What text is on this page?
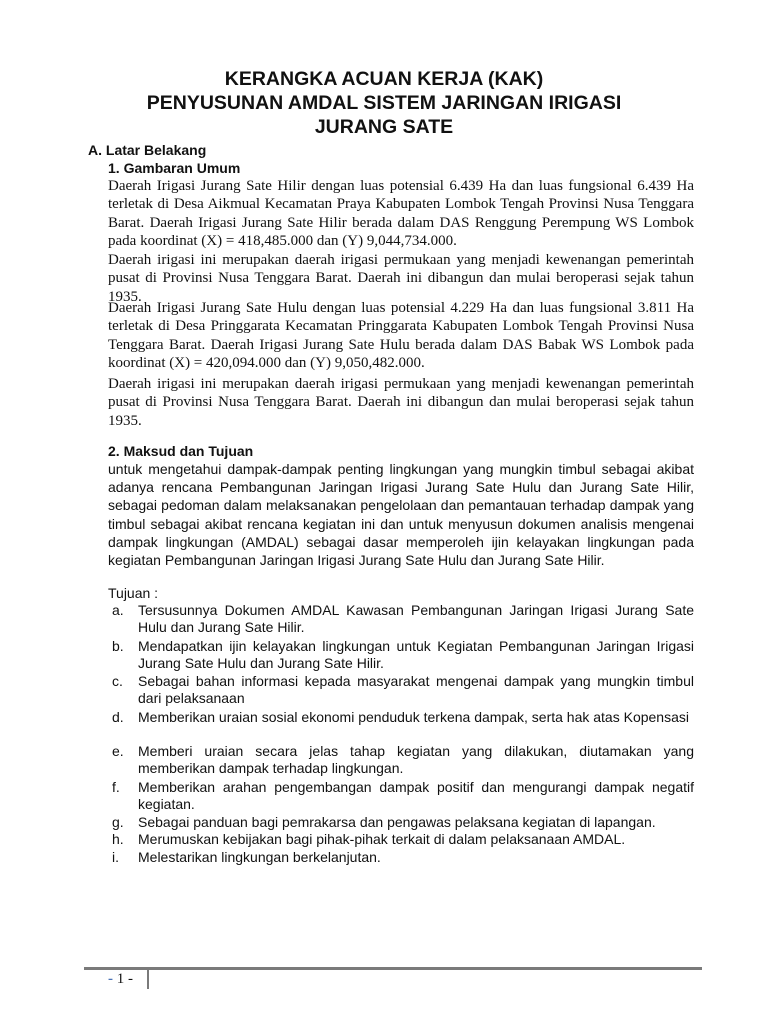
KERANGKA ACUAN KERJA (KAK)
PENYUSUNAN AMDAL SISTEM JARINGAN IRIGASI
JURANG SATE
A. Latar Belakang
1. Gambaran Umum

Daerah Irigasi Jurang Sate Hilir dengan luas potensial 6.439 Ha dan luas fungsional 6.439 Ha terletak di Desa Aikmual Kecamatan Praya Kabupaten Lombok Tengah Provinsi Nusa Tenggara Barat. Daerah Irigasi Jurang Sate Hilir berada dalam DAS Renggung Perempung WS Lombok pada koordinat (X) = 418,485.000 dan (Y) 9,044,734.000.

Daerah irigasi ini merupakan daerah irigasi permukaan yang menjadi kewenangan pemerintah pusat di Provinsi Nusa Tenggara Barat. Daerah ini dibangun dan mulai beroperasi sejak tahun 1935.

Daerah Irigasi Jurang Sate Hulu dengan luas potensial 4.229 Ha dan luas fungsional 3.811 Ha terletak di Desa Pringgarata Kecamatan Pringgarata Kabupaten Lombok Tengah Provinsi Nusa Tenggara Barat. Daerah Irigasi Jurang Sate Hulu berada dalam DAS Babak WS Lombok pada koordinat (X) = 420,094.000 dan (Y) 9,050,482.000.

Daerah irigasi ini merupakan daerah irigasi permukaan yang menjadi kewenangan pemerintah pusat di Provinsi Nusa Tenggara Barat. Daerah ini dibangun dan mulai beroperasi sejak tahun 1935.

2. Maksud dan Tujuan

untuk mengetahui dampak-dampak penting lingkungan yang mungkin timbul sebagai akibat adanya rencana Pembangunan Jaringan Irigasi Jurang Sate Hulu dan Jurang Sate Hilir, sebagai pedoman dalam melaksanakan pengelolaan dan pemantauan terhadap dampak yang timbul sebagai akibat rencana kegiatan ini dan untuk menyusun dokumen analisis mengenai dampak lingkungan (AMDAL) sebagai dasar memperoleh ijin kelayakan lingkungan pada kegiatan Pembangunan Jaringan Irigasi Jurang Sate Hulu dan Jurang Sate Hilir.

Tujuan :
a.	Tersusunnya Dokumen AMDAL Kawasan Pembangunan Jaringan Irigasi Jurang Sate Hulu dan Jurang Sate Hilir.
b.	Mendapatkan ijin kelayakan lingkungan untuk Kegiatan Pembangunan Jaringan Irigasi Jurang Sate Hulu dan Jurang Sate Hilir.
c.	Sebagai bahan informasi kepada masyarakat mengenai dampak yang mungkin timbul dari pelaksanaan
d.	Memberikan uraian sosial ekonomi penduduk terkena dampak, serta hak atas Kopensasi
e.	Memberi uraian secara jelas tahap kegiatan yang dilakukan, diutamakan yang memberikan dampak terhadap lingkungan.
f.	Memberikan arahan pengembangan dampak positif dan mengurangi dampak negatif kegiatan.
g.	Sebagai panduan bagi pemrakarsa dan pengawas pelaksana kegiatan di lapangan.
h.	Merumuskan kebijakan bagi pihak-pihak terkait di dalam pelaksanaan AMDAL.
i.	Melestarikan lingkungan berkelanjutan.
- 1 -
